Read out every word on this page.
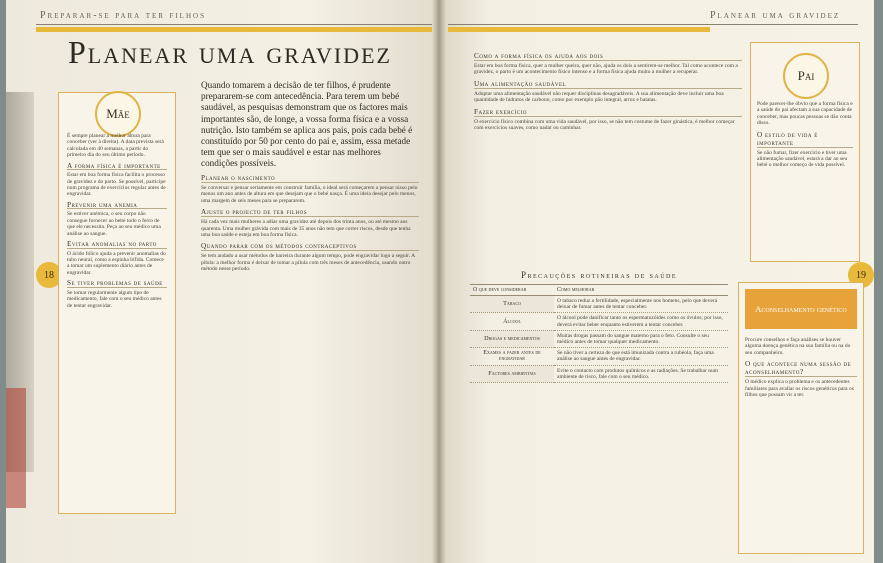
Preparar-se para ter filhos
Planear uma gravidez
18
Mãe
É sempre planear a melhor altura para conceber (ver à direita). A data prevista será calculada em 40 semanas, a partir do primeiro dia do seu último período.
A forma física é importante
Estar em boa forma física facilita o processo de gravidez e do parto. Se possível, participe num programa de exercícios regular antes de engravidar.
Prevenir uma anemia
Se estiver anémica, o seu corpo não consegue fornecer ao bebé todo o ferro de que ele necessita. Peça ao seu médico uma análise ao sangue.
Evitar anomalias no parto
O ácido fólico ajuda a prevenir anomalias do tubo neural, como a espinha bífida. Comece a tomar um suplemento diário antes de engravidar.
Se tiver problemas de saúde
Se tomar regularmente algum tipo de medicamento, fale com o seu médico antes de tentar engravidar.
Quando tomarem a decisão de ter filhos, é prudente prepararem-se com antecedência. Para terem um bebé saudável, as pesquisas demonstram que os factores mais importantes são, de longe, a vossa forma física e a vossa nutrição. Isto também se aplica aos pais, pois cada bebé é constituído por 50 por cento do pai e, assim, essa metade tem que ser o mais saudável e estar nas melhores condições possíveis.
Planear o nascimento
Se conversar e pensar seriamente em construir família, o ideal será começarem a pensar nisso pelo menos um ano antes de altura em que desejam que o bebé nasça. É uma ideia desejar pelo menos, uma margem de seis meses para se prepararem.
Ajuste o projecto de ter filhos
Há cada vez mais mulheres a adiar uma gravidez até depois dos trinta anos, ou até mesmo aos quarenta. Uma mulher grávida com mais de 35 anos não tem que correr riscos, desde que tenha uma boa saúde e esteja em boa forma física.
Quando parar com os métodos contraceptivos
Se tem andado a usar métodos de barreira durante algum tempo, pode engravidar logo a seguir. A pílula: a melhor forma é deixar de tomar a pílula com três meses de antecedência, usando outro método nesse período.
Planear uma gravidez
19
Como a forma física os ajuda aos dois
Estar em boa forma física, quer a mulher queira, quer não, ajuda os dois a sentirem-se melhor. Tal como acontece com a gravidez, o parto é um acontecimento físico intenso e a forma física ajuda muito a mulher a recuperar.
Uma alimentação saudável
Adoptar uma alimentação saudável não requer disciplinas desagradáveis. A sua alimentação deve incluir uma boa quantidade de hidratos de carbono, como por exemplo pão integral, arroz e batatas.
Fazer exercício
O exercício físico combina com uma vida saudável, por isso, se não tem costume de fazer ginástica, é melhor começar com exercícios suaves, como nadar ou caminhar.
Pai
Pode parecer-lhe óbvio que a forma física e a saúde do pai afectam a sua capacidade de conceber, mas poucas pessoas se dão conta disso.
O estilo de vida é importante
Se não fumar, fizer exercício e tiver uma alimentação saudável, estará a dar ao seu bebé o melhor começo de vida possível.
Precauções rotineiras de saúde
O que deve considerar	Como melhorar
Tabaco	O tabaco reduz a fertilidade, especialmente nos homens, pelo que deverá deixar de fumar antes de tentar conceber.
Álcool	O álcool pode danificar tanto os espermatozóides como os óvulos; por isso, deverá evitar beber enquanto estiverem a tentar conceber.
Drogas e medicamentos	Muitas drogas passam do sangue materno para o feto. Consulte o seu médico antes de tomar qualquer medicamento.
Exames a fazer antes de engravidar	Se não tiver a certeza de que está imunizada contra a rubéola, faça uma análise ao sangue antes de engravidar.
Factores ambientais	Evite o contacto com produtos químicos e as radiações. Se trabalhar num ambiente de risco, fale com o seu médico.
Aconselhamento genético
Procure conselhos e faça análises se houver alguma doença genética na sua família ou na do seu companheiro.
O que acontece numa sessão de aconselhamento?
O médico explica o problema e os antecedentes familiares para avaliar os riscos genéticos para os filhos que possam vir a ter.
